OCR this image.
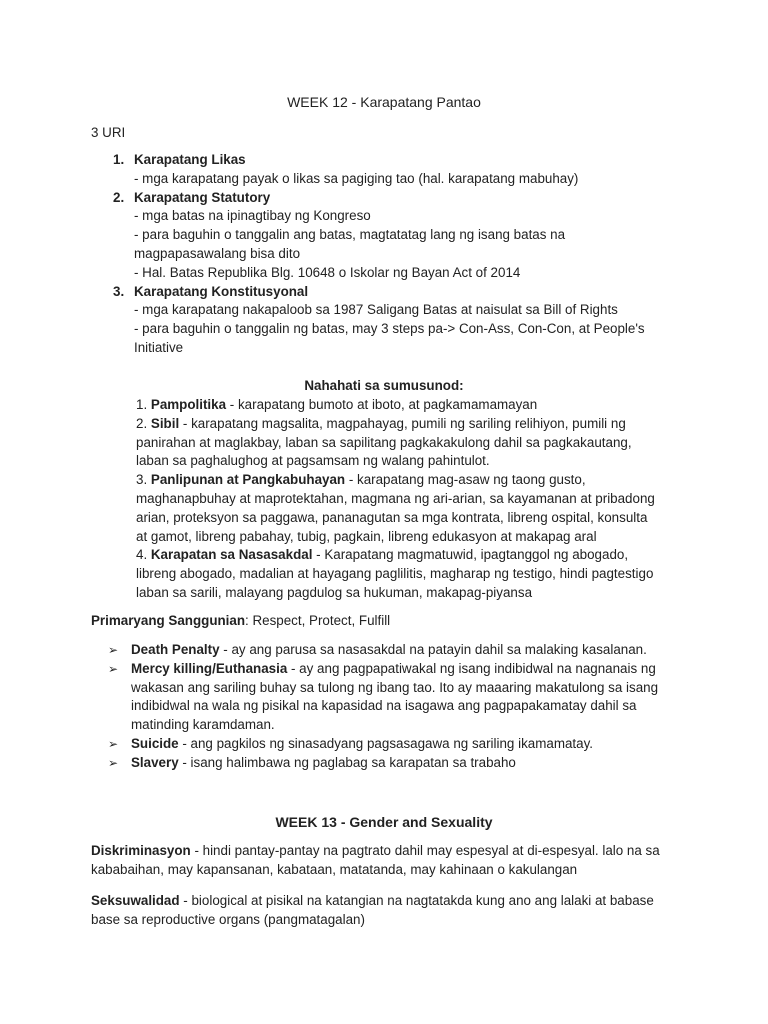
WEEK 12 - Karapatang Pantao
3 URI
1. Karapatang Likas
- mga karapatang payak o likas sa pagiging tao (hal. karapatang mabuhay)
2. Karapatang Statutory
- mga batas na ipinagtibay ng Kongreso
- para baguhin o tanggalin ang batas, magtatatag lang ng isang batas na
magpapasawalang bisa dito
- Hal. Batas Republika Blg. 10648 o Iskolar ng Bayan Act of 2014
3. Karapatang Konstitusyonal
- mga karapatang nakapaloob sa 1987 Saligang Batas at naisulat sa Bill of Rights
- para baguhin o tanggalin ng batas, may 3 steps pa-> Con-Ass, Con-Con, at People's
Initiative
Nahahati sa sumusunod:
1. Pampolitika - karapatang bumoto at iboto, at pagkamamamayan
2. Sibil - karapatang magsalita, magpahayag, pumili ng sariling relihiyon, pumili ng
panirahan at maglakbay, laban sa sapilitang pagkakakulong dahil sa pagkakautang,
laban sa paghalughog at pagsamsam ng walang pahintulot.
3. Panlipunan at Pangkabuhayan - karapatang mag-asaw ng taong gusto,
maghanapbuhay at maprotektahan, magmana ng ari-arian, sa kayamanan at pribadong
arian, proteksyon sa paggawa, pananagutan sa mga kontrata, libreng ospital, konsulta
at gamot, libreng pabahay, tubig, pagkain, libreng edukasyon at makapag aral
4. Karapatan sa Nasasakdal - Karapatang magmatuwid, ipagtanggol ng abogado,
libreng abogado, madalian at hayagang paglilitis, magharap ng testigo, hindi pagtestigo
laban sa sarili, malayang pagdulog sa hukuman, makapag-piyansa
Primaryang Sanggunian: Respect, Protect, Fulfill
➢ Death Penalty - ay ang parusa sa nasasakdal na patayin dahil sa malaking kasalanan.
➢ Mercy killing/Euthanasia - ay ang pagpapatiwakal ng isang indibidwal na nagnanais ng
wakasan ang sariling buhay sa tulong ng ibang tao. Ito ay maaaring makatulong sa isang
indibidwal na wala ng pisikal na kapasidad na isagawa ang pagpapakamatay dahil sa
matinding karamdaman.
➢ Suicide - ang pagkilos ng sinasadyang pagsasagawa ng sariling ikamamatay.
➢ Slavery - isang halimbawa ng paglabag sa karapatan sa trabaho
WEEK 13 - Gender and Sexuality
Diskriminasyon - hindi pantay-pantay na pagtrato dahil may espesyal at di-espesyal. lalo na sa
kababaihan, may kapansanan, kabataan, matatanda, may kahinaan o kakulangan
Seksuwalidad - biological at pisikal na katangian na nagtatakda kung ano ang lalaki at babase
base sa reproductive organs (pangmatagalan)
